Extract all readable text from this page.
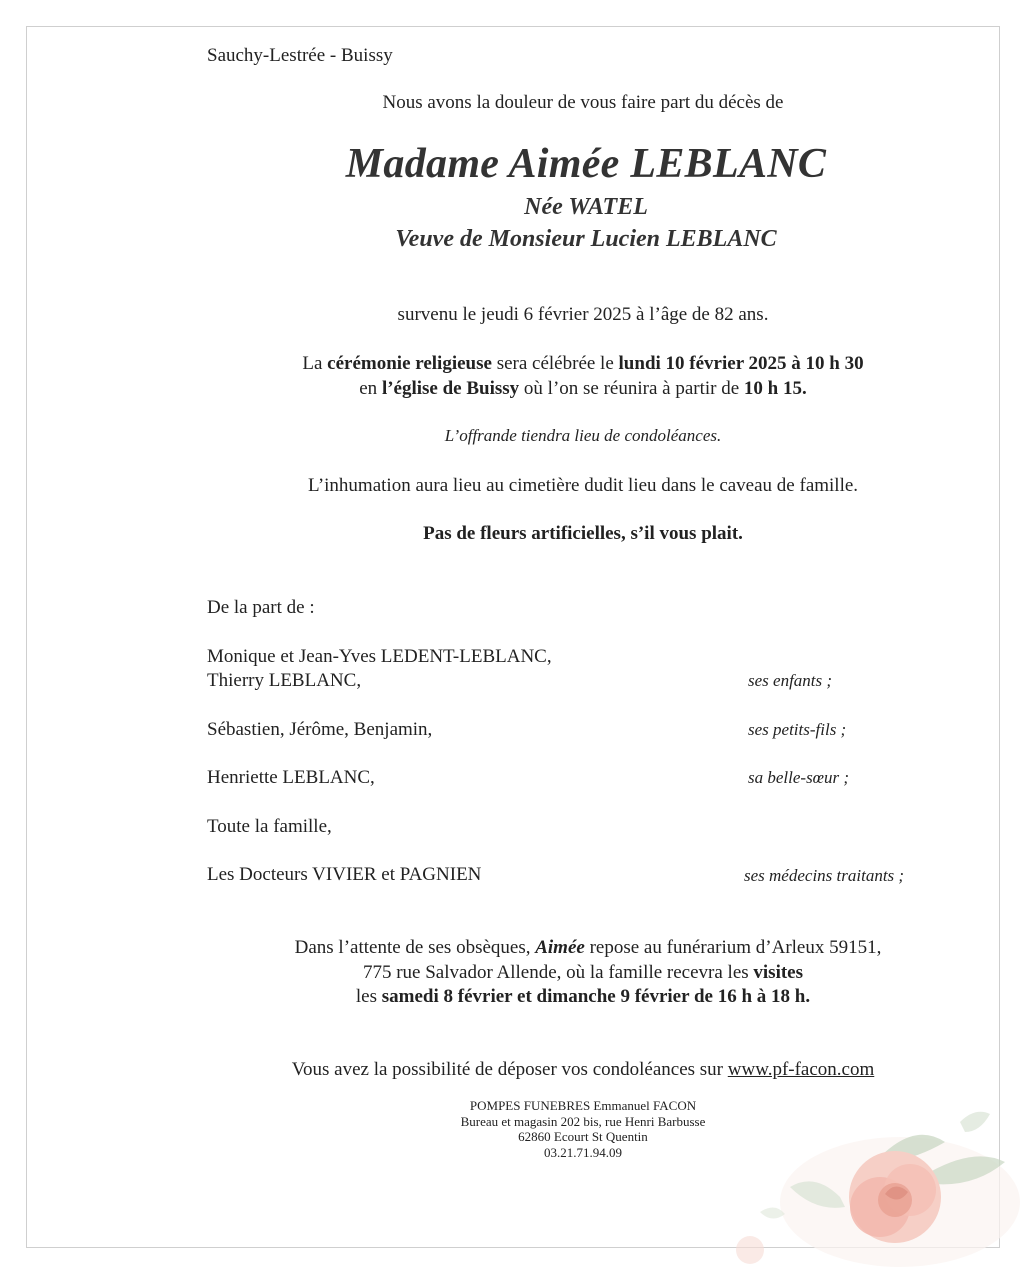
Sauchy-Lestrée - Buissy
Nous avons la douleur de vous faire part du décès de
Madame Aimée LEBLANC
Née WATEL
Veuve de Monsieur Lucien LEBLANC
survenu le jeudi 6 février 2025 à l’âge de 82 ans.
La cérémonie religieuse sera célébrée le lundi 10 février 2025 à 10 h 30
en l’église de Buissy où l’on se réunira à partir de 10 h 15.
L’offrande tiendra lieu de condoléances.
L’inhumation aura lieu au cimetière dudit lieu dans le caveau de famille.
Pas de fleurs artificielles, s’il vous plait.
De la part de :
Monique et Jean-Yves LEDENT-LEBLANC,
Thierry LEBLANC,	ses enfants ;
Sébastien, Jérôme, Benjamin,	ses petits-fils ;
Henriette LEBLANC,	sa belle-sœur ;
Toute la famille,
Les Docteurs VIVIER et PAGNIEN	ses médecins traitants ;
Dans l’attente de ses obsèques, Aimée repose au funérarium d’Arleux 59151,
775 rue Salvador Allende, où la famille recevra les visites
les samedi 8 février et dimanche 9 février de 16 h à 18 h.
Vous avez la possibilité de déposer vos condoléances sur www.pf-facon.com
POMPES FUNEBRES Emmanuel FACON
Bureau et magasin 202 bis, rue Henri Barbusse
62860 Ecourt St Quentin
03.21.71.94.09
